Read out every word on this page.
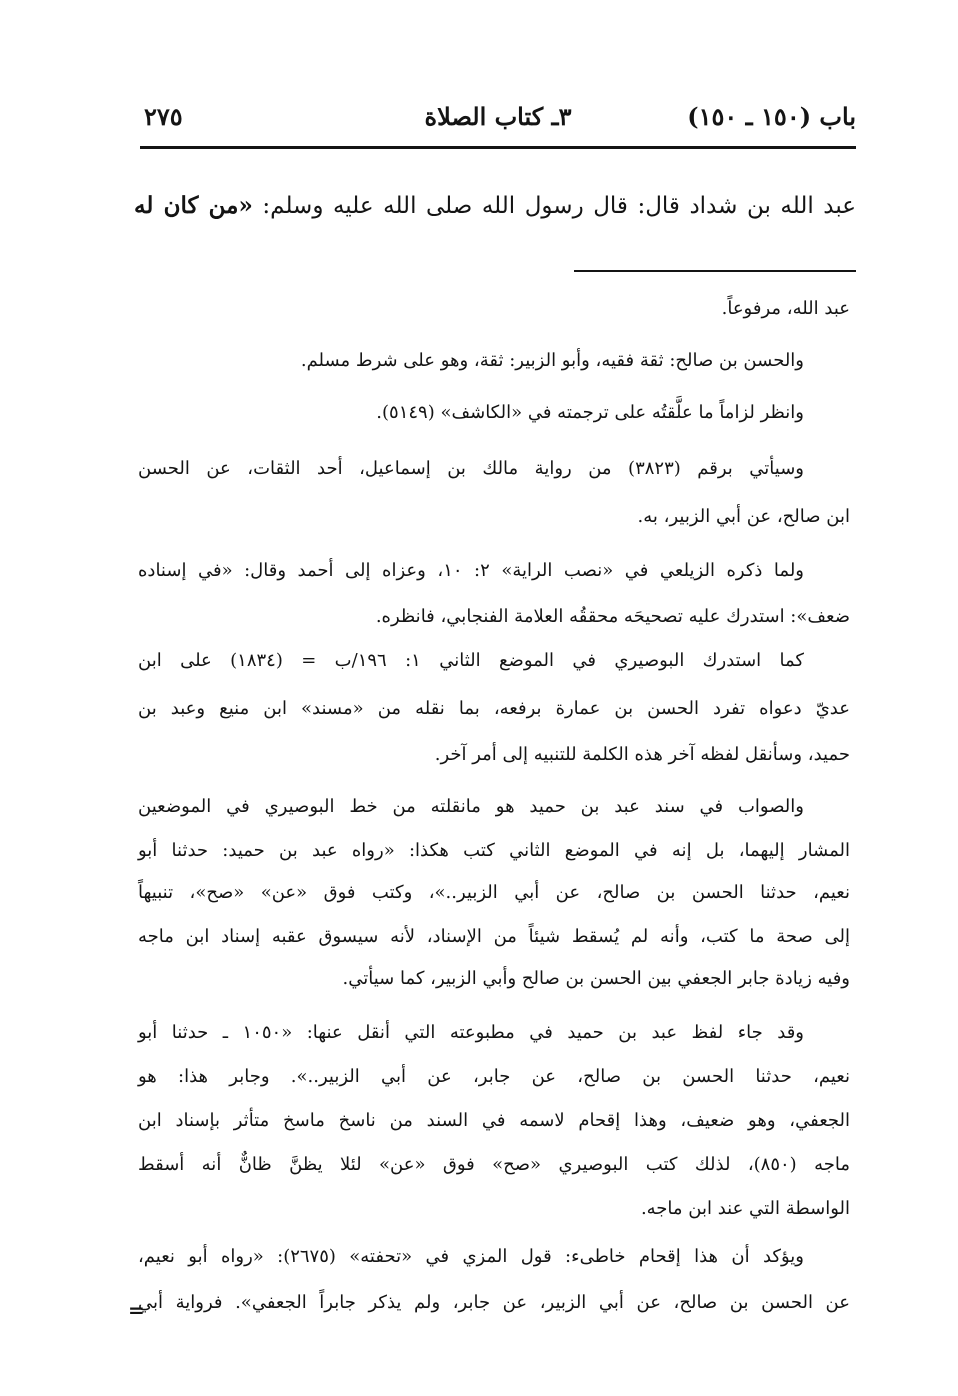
باب (١٥٠ ـ ١٥٠)
٣ـ كتاب الصلاة
٢٧٥
عبد الله بن شداد قال: قال رسول الله صلى الله عليه وسلم: «من كان له
عبد الله، مرفوعاً.
والحسن بن صالح: ثقة فقيه، وأبو الزبير: ثقة، وهو على شرط مسلم.
وانظر لزاماً ما علَّقتُه على ترجمته في «الكاشف» (٥١٤٩).
وسيأتي برقم (٣٨٢٣) من رواية مالك بن إسماعيل، أحد الثقات، عن الحسن
ابن صالح، عن أبي الزبير، به.
ولما ذكره الزيلعي في «نصب الراية» ٢: ١٠، وعزاه إلى أحمد وقال: «في إسناده
ضعف»: استدرك عليه تصحيحَه محققُه العلامة الفنجابي، فانظره.
كما استدرك البوصيري في الموضع الثاني ١: ١٩٦/ب = (١٨٣٤) على ابن
عديّ دعواه تفرد الحسن بن عمارة برفعه، بما نقله من «مسند» ابن منيع وعبد بن
حميد، وسأنقل لفظه آخر هذه الكلمة للتنبيه إلى أمر آخر.
والصواب في سند عبد بن حميد هو مانقلته من خط البوصيري في الموضعين
المشار إليهما، بل إنه في الموضع الثاني كتب هكذا: «رواه عبد بن حميد: حدثنا أبو
نعيم، حدثنا الحسن بن صالح، عن أبي الزبير..»، وكتب فوق «عن» «صح»، تنبيهاً
إلى صحة ما كتب، وأنه لم يُسقط شيئاً من الإسناد، لأنه سيسوق عقبه إسناد ابن ماجه
وفيه زيادة جابر الجعفي بين الحسن بن صالح وأبي الزبير، كما سيأتي.
وقد جاء لفظ عبد بن حميد في مطبوعته التي أنقل عنها: «١٠٥٠ ـ حدثنا أبو
نعيم، حدثنا الحسن بن صالح، عن جابر، عن أبي الزبير..». وجابر هذا: هو
الجعفي، وهو ضعيف، وهذا إقحام لاسمه في السند من ناسخ ماسخ متأثر بإسناد ابن
ماجه (٨٥٠)، لذلك كتب البوصيري «صح» فوق «عن» لئلا يظنَّ ظانٌّ أنه أسقط
الواسطة التي عند ابن ماجه.
ويؤكد أن هذا إقحام خاطىء: قول المزي في «تحفته» (٢٦٧٥): «رواه أبو نعيم،
عن الحسن بن صالح، عن أبي الزبير، عن جابر، ولم يذكر جابراً الجعفي». فرواية أبي
=
